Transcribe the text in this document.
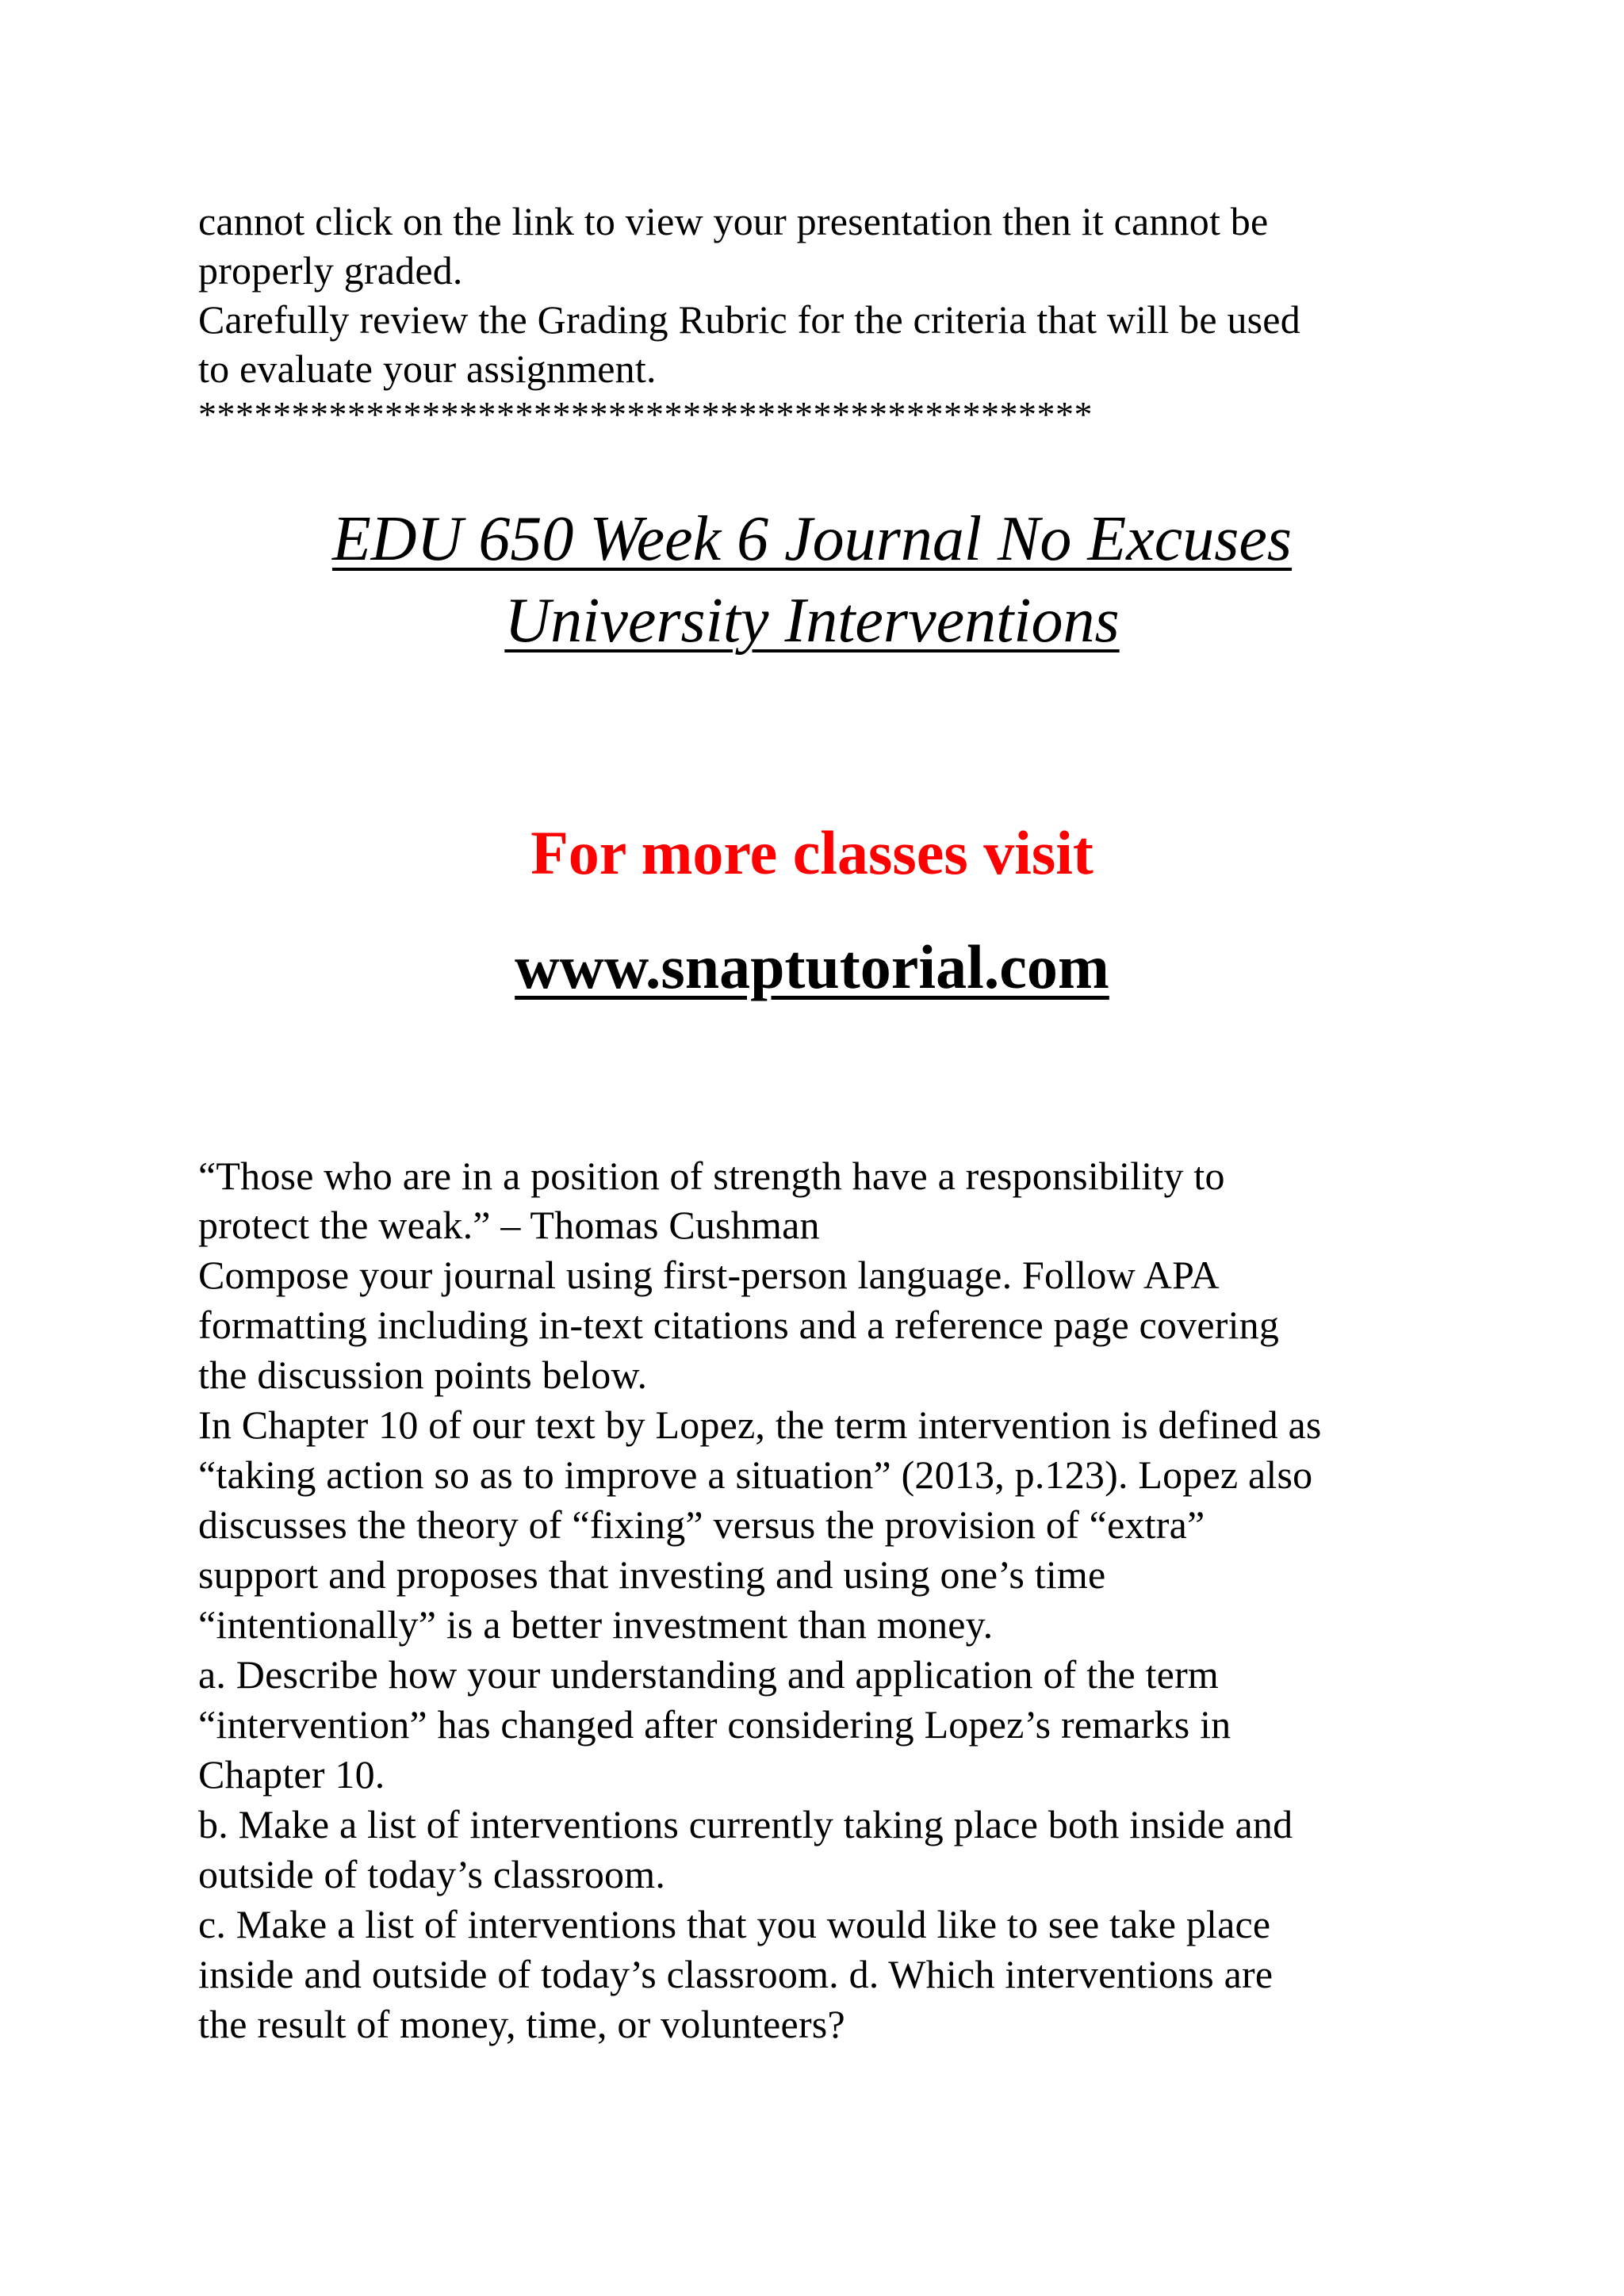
cannot click on the link to view your presentation then it cannot be
properly graded.
Carefully review the Grading Rubric for the criteria that will be used
to evaluate your assignment.
************************************************
EDU 650 Week 6 Journal No Excuses
University Interventions
For more classes visit
www.snaptutorial.com
“Those who are in a position of strength have a responsibility to
protect the weak.” – Thomas Cushman
Compose your journal using first-person language. Follow APA
formatting including in-text citations and a reference page covering
the discussion points below.
In Chapter 10 of our text by Lopez, the term intervention is defined as
“taking action so as to improve a situation” (2013, p.123). Lopez also
discusses the theory of “fixing” versus the provision of “extra”
support and proposes that investing and using one’s time
“intentionally” is a better investment than money.
a. Describe how your understanding and application of the term
“intervention” has changed after considering Lopez’s remarks in
Chapter 10.
b. Make a list of interventions currently taking place both inside and
outside of today’s classroom.
c. Make a list of interventions that you would like to see take place
inside and outside of today’s classroom. d. Which interventions are
the result of money, time, or volunteers?
